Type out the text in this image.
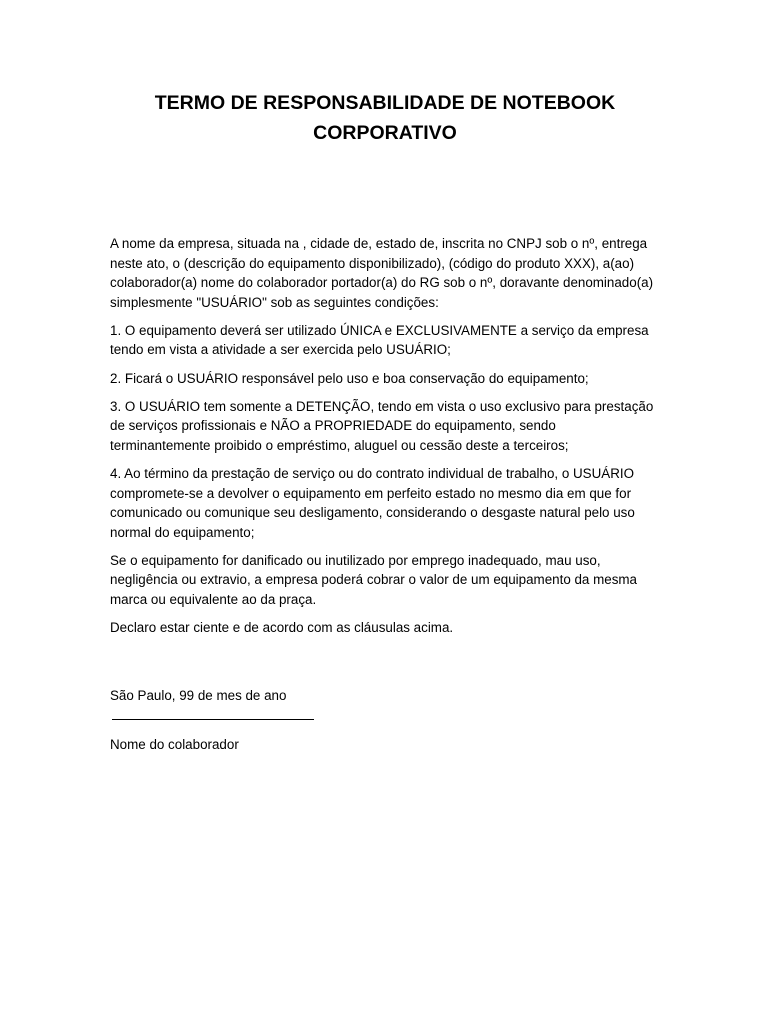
TERMO DE RESPONSABILIDADE DE NOTEBOOK
CORPORATIVO

A nome da empresa, situada na , cidade de, estado de, inscrita no CNPJ sob o nº, entrega neste ato, o (descrição do equipamento disponibilizado), (código do produto XXX), a(ao) colaborador(a) nome do colaborador portador(a) do RG sob o nº, doravante denominado(a) simplesmente "USUÁRIO" sob as seguintes condições:

1. O equipamento deverá ser utilizado ÚNICA e EXCLUSIVAMENTE a serviço da empresa tendo em vista a atividade a ser exercida pelo USUÁRIO;

2. Ficará o USUÁRIO responsável pelo uso e boa conservação do equipamento;

3. O USUÁRIO tem somente a DETENÇÃO, tendo em vista o uso exclusivo para prestação de serviços profissionais e NÃO a PROPRIEDADE do equipamento, sendo terminantemente proibido o empréstimo, aluguel ou cessão deste a terceiros;

4. Ao término da prestação de serviço ou do contrato individual de trabalho, o USUÁRIO compromete-se a devolver o equipamento em perfeito estado no mesmo dia em que for comunicado ou comunique seu desligamento, considerando o desgaste natural pelo uso normal do equipamento;

Se o equipamento for danificado ou inutilizado por emprego inadequado, mau uso, negligência ou extravio, a empresa poderá cobrar o valor de um equipamento da mesma marca ou equivalente ao da praça.

Declaro estar ciente e de acordo com as cláusulas acima.

São Paulo, 99 de mes de ano
Nome do colaborador
